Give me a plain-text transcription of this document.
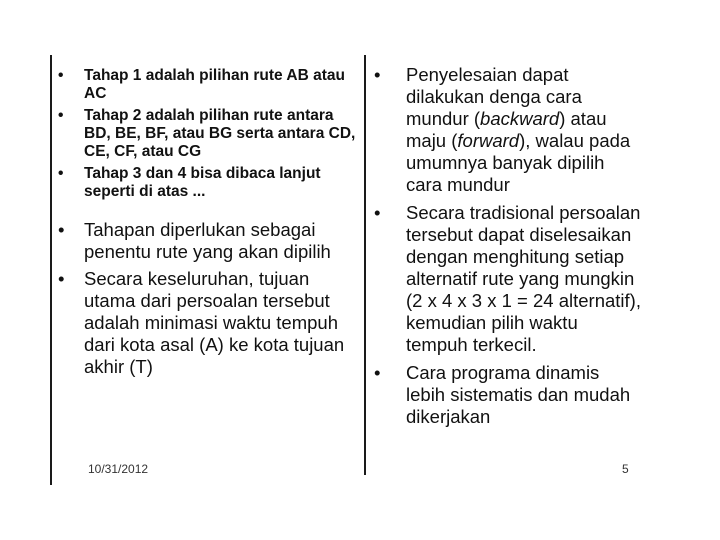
• Tahap 1 adalah pilihan rute AB atau AC
• Tahap 2 adalah pilihan rute antara BD, BE, BF, atau BG serta antara CD, CE, CF, atau CG
• Tahap 3 dan 4 bisa dibaca lanjut seperti di atas ...
• Tahapan diperlukan sebagai penentu rute yang akan dipilih
• Secara keseluruhan, tujuan utama dari persoalan tersebut adalah minimasi waktu tempuh dari kota asal (A) ke kota tujuan akhir (T)
• Penyelesaian dapat dilakukan denga cara mundur (backward) atau maju (forward), walau pada umumnya banyak dipilih cara mundur
• Secara tradisional persoalan tersebut dapat diselesaikan dengan menghitung setiap alternatif rute yang mungkin (2 x 4 x 3 x 1 = 24 alternatif), kemudian pilih waktu tempuh terkecil.
• Cara programa dinamis lebih sistematis dan mudah dikerjakan
10/31/2012	5
